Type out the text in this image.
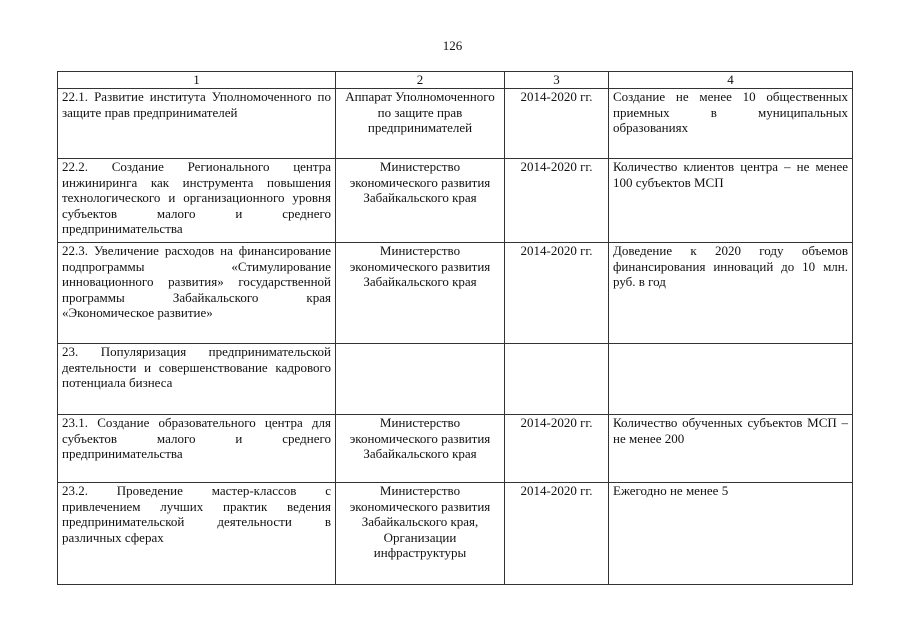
126
1	2	3	4
22.1. Развитие института Уполномоченного по защите прав предпринимателей	Аппарат Уполномоченного по защите прав предпринимателей	2014-2020 гг.	Создание не менее 10 общественных приемных в муниципальных образованиях
22.2. Создание Регионального центра инжиниринга как инструмента повышения технологического и организационного уровня субъектов малого и среднего предпринимательства	Министерство экономического развития Забайкальского края	2014-2020 гг.	Количество клиентов центра – не менее 100 субъектов МСП
22.3. Увеличение расходов на финансирование подпрограммы «Стимулирование инновационного развития» государственной программы Забайкальского края «Экономическое развитие»	Министерство экономического развития Забайкальского края	2014-2020 гг.	Доведение к 2020 году объемов финансирования инноваций до 10 млн. руб. в год
23. Популяризация предпринимательской деятельности и совершенствование кадрового потенциала бизнеса			
23.1. Создание образовательного центра для субъектов малого и среднего предпринимательства	Министерство экономического развития Забайкальского края	2014-2020 гг.	Количество обученных субъектов МСП – не менее 200
23.2. Проведение мастер-классов с привлечением лучших практик ведения предпринимательской деятельности в различных сферах	Министерство экономического развития Забайкальского края, Организации инфраструктуры	2014-2020 гг.	Ежегодно не менее 5
